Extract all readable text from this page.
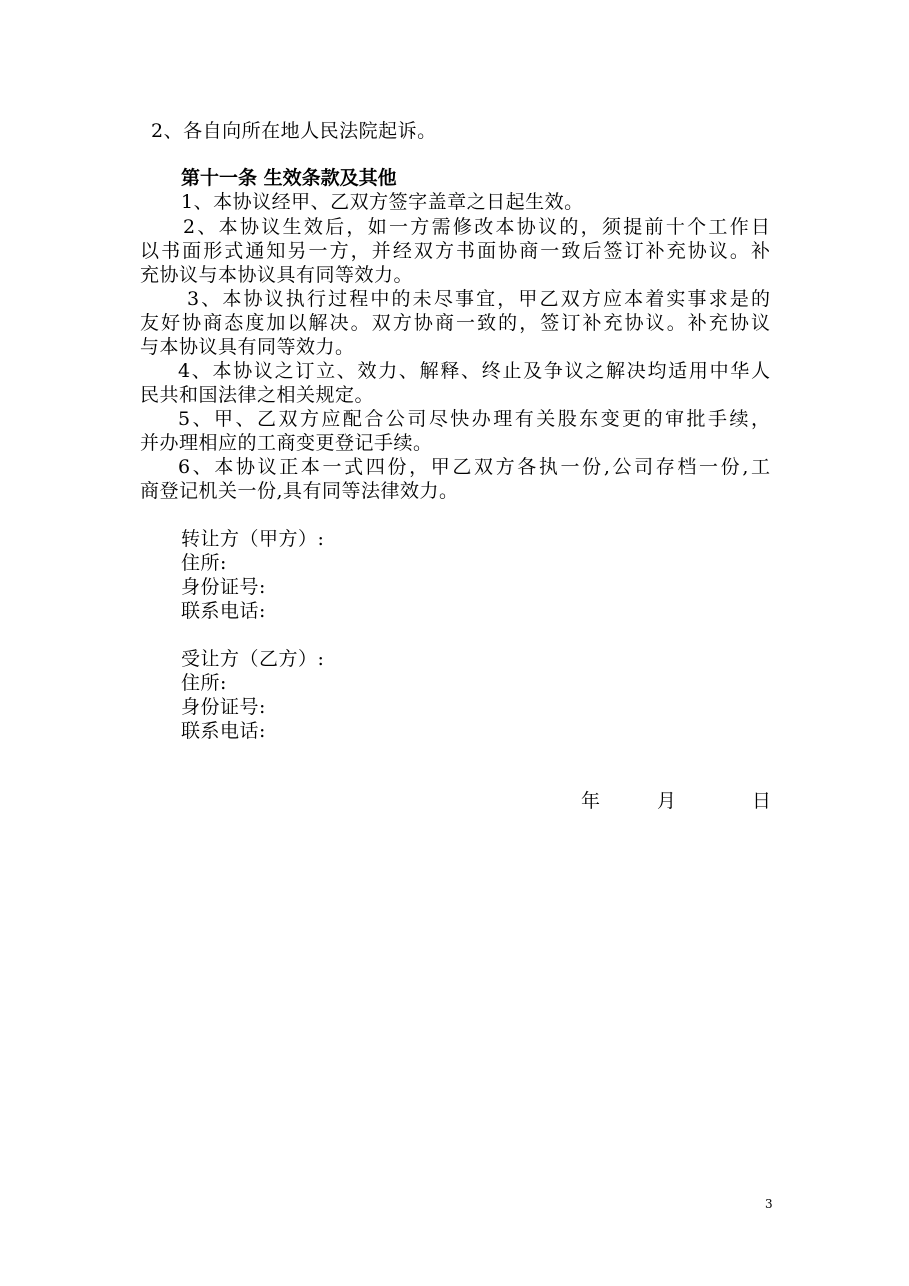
2、各自向所在地人民法院起诉。
第十一条 生效条款及其他
1、本协议经甲、乙双方签字盖章之日起生效。
2、本协议生效后，如一方需修改本协议的，须提前十个工作日
以书面形式通知另一方，并经双方书面协商一致后签订补充协议。补
充协议与本协议具有同等效力。
3、本协议执行过程中的未尽事宜，甲乙双方应本着实事求是的
友好协商态度加以解决。双方协商一致的，签订补充协议。补充协议
与本协议具有同等效力。
4、本协议之订立、效力、解释、终止及争议之解决均适用中华人
民共和国法律之相关规定。
5、甲、乙双方应配合公司尽快办理有关股东变更的审批手续，
并办理相应的工商变更登记手续。
6、本协议正本一式四份，甲乙双方各执一份,公司存档一份,工
商登记机关一份,具有同等法律效力。
转让方（甲方）:
住所:
身份证号:
联系电话:
受让方（乙方）:
住所:
身份证号:
联系电话:
年	月	日
3
